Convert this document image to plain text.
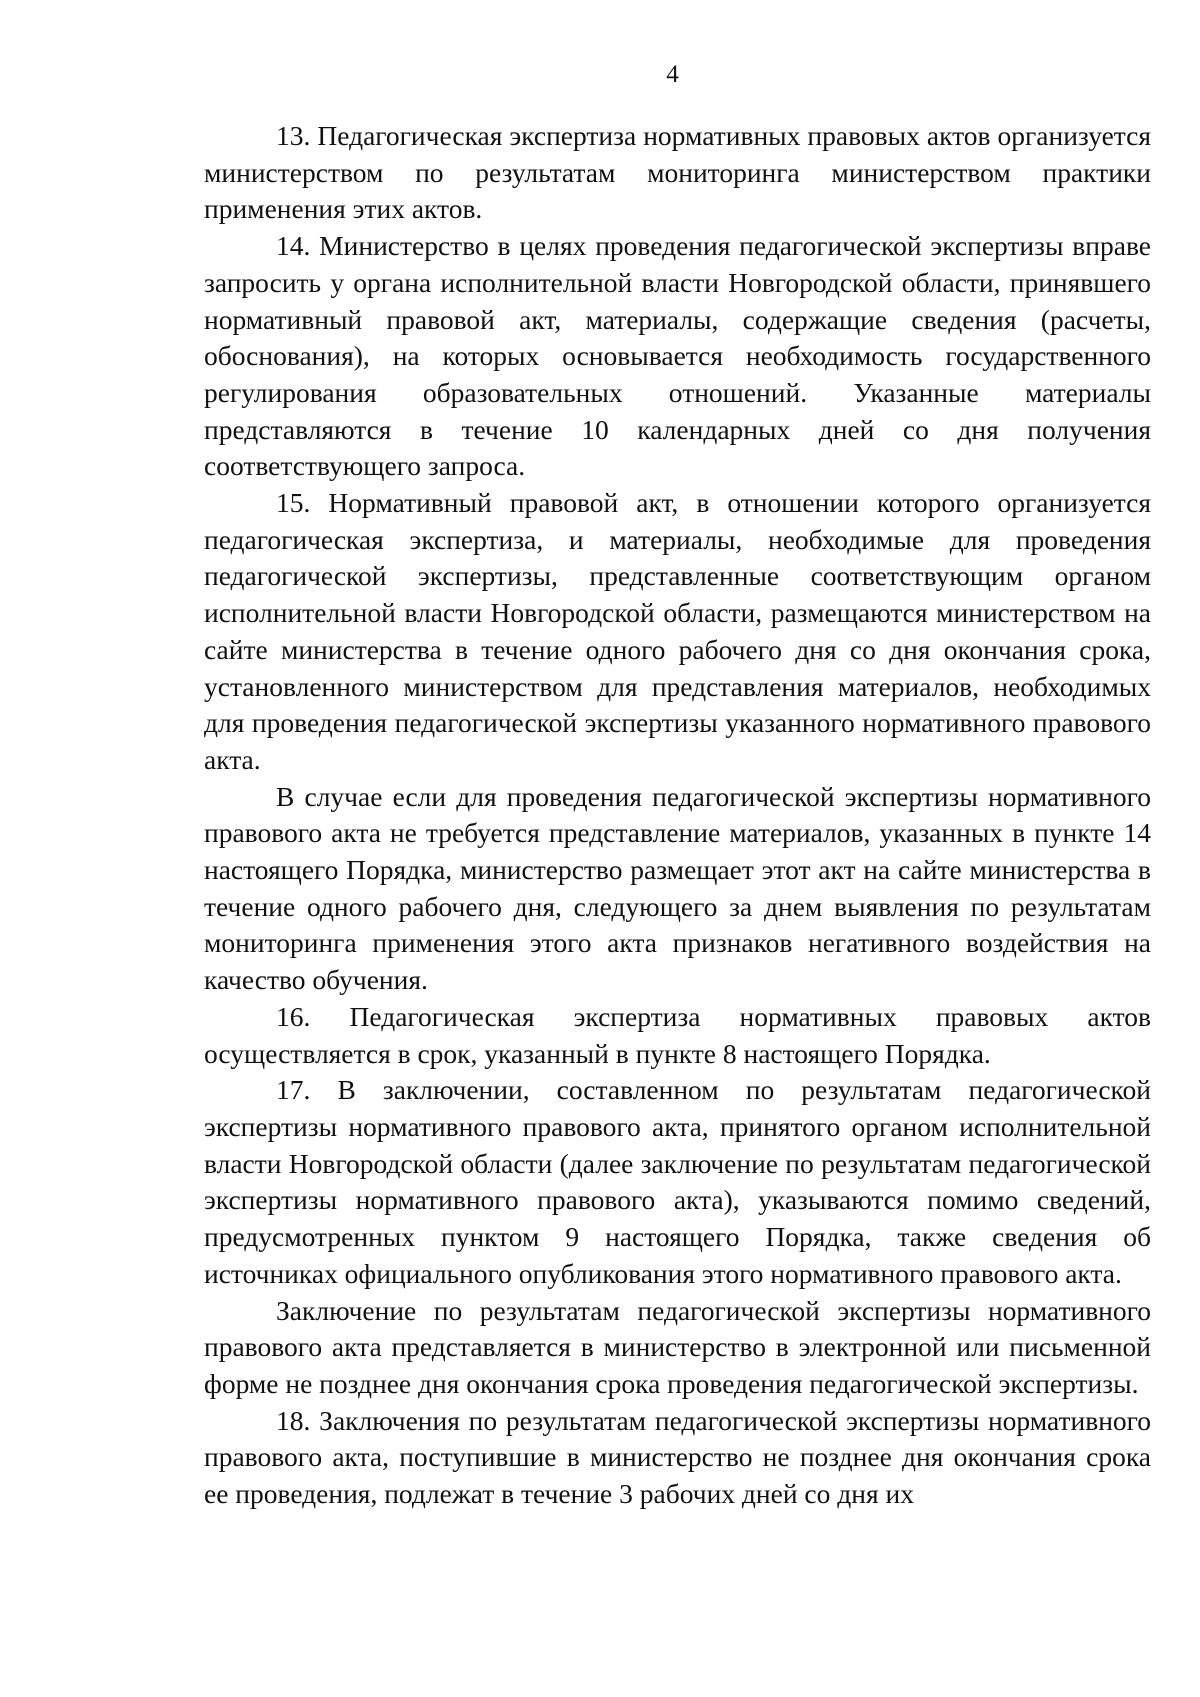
4

13. Педагогическая экспертиза нормативных правовых актов организуется министерством по результатам мониторинга министерством практики применения этих актов.

14. Министерство в целях проведения педагогической экспертизы вправе запросить у органа исполнительной власти Новгородской области, принявшего нормативный правовой акт, материалы, содержащие сведения (расчеты, обоснования), на которых основывается необходимость государственного регулирования образовательных отношений. Указанные материалы представляются в течение 10 календарных дней со дня получения соответствующего запроса.

15. Нормативный правовой акт, в отношении которого организуется педагогическая экспертиза, и материалы, необходимые для проведения педагогической экспертизы, представленные соответствующим органом исполнительной власти Новгородской области, размещаются министерством на сайте министерства в течение одного рабочего дня со дня окончания срока, установленного министерством для представления материалов, необходимых для проведения педагогической экспертизы указанного нормативного правового акта.

В случае если для проведения педагогической экспертизы нормативного правового акта не требуется представление материалов, указанных в пункте 14 настоящего Порядка, министерство размещает этот акт на сайте министерства в течение одного рабочего дня, следующего за днем выявления по результатам мониторинга применения этого акта признаков негативного воздействия на качество обучения.

16. Педагогическая экспертиза нормативных правовых актов осуществляется в срок, указанный в пункте 8 настоящего Порядка.

17. В заключении, составленном по результатам педагогической экспертизы нормативного правового акта, принятого органом исполнительной власти Новгородской области (далее заключение по результатам педагогической экспертизы нормативного правового акта), указываются помимо сведений, предусмотренных пунктом 9 настоящего Порядка, также сведения об источниках официального опубликования этого нормативного правового акта.

Заключение по результатам педагогической экспертизы нормативного правового акта представляется в министерство в электронной или письменной форме не позднее дня окончания срока проведения педагогической экспертизы.

18. Заключения по результатам педагогической экспертизы нормативного правового акта, поступившие в министерство не позднее дня окончания срока ее проведения, подлежат в течение 3 рабочих дней со дня их
